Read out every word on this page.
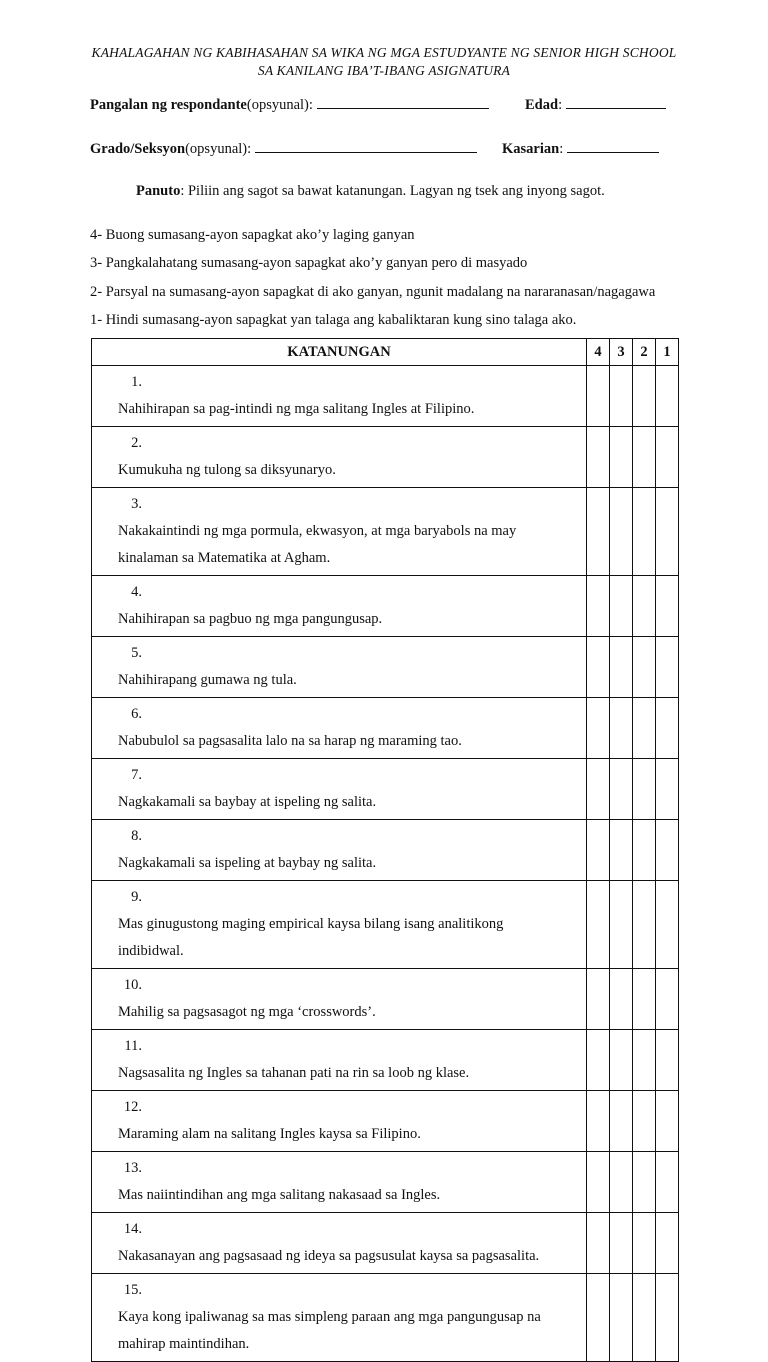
KAHALAGAHAN NG KABIHASAHAN SA WIKA NG MGA ESTUDYANTE NG SENIOR HIGH SCHOOL
SA KANILANG IBA’T-IBANG ASIGNATURA
Pangalan ng respondante(opsyunal):	Edad:
Grado/Seksyon(opsyunal):	Kasarian:
Panuto: Piliin ang sagot sa bawat katanungan. Lagyan ng tsek ang inyong sagot.
4- Buong sumasang-ayon sapagkat ako’y laging ganyan
3- Pangkalahatang sumasang-ayon sapagkat ako’y ganyan pero di masyado
2- Parsyal na sumasang-ayon sapagkat di ako ganyan, ngunit madalang na nararanasan/nagagawa
1- Hindi sumasang-ayon sapagkat yan talaga ang kabaliktaran kung sino talaga ako.
KATANUNGAN	4	3	2	1
1.Nahihirapan sa pag-intindi ng mga salitang Ingles at Filipino.				
2.Kumukuha ng tulong sa diksyunaryo.				
3.Nakakaintindi ng mga pormula, ekwasyon, at mga baryabols na may kinalaman sa Matematika at Agham.				
4.Nahihirapan sa pagbuo ng mga pangungusap.				
5.Nahihirapang gumawa ng tula.				
6.Nabubulol sa pagsasalita lalo na sa harap ng maraming tao.				
7.Nagkakamali sa baybay at ispeling ng salita.				
8.Nagkakamali sa ispeling at baybay ng salita.				
9.Mas ginugustong maging empirical kaysa bilang isang analitikong indibidwal.				
10.Mahilig sa pagsasagot ng mga ‘crosswords’.				
11.Nagsasalita ng Ingles sa tahanan pati na rin sa loob ng klase.				
12.Maraming alam na salitang Ingles kaysa sa Filipino.				
13.Mas naiintindihan ang mga salitang nakasaad sa Ingles.				
14.Nakasanayan ang pagsasaad ng ideya sa pagsusulat kaysa sa pagsasalita.				
15.Kaya kong ipaliwanag sa mas simpleng paraan ang mga pangungusap na mahirap maintindihan.				
